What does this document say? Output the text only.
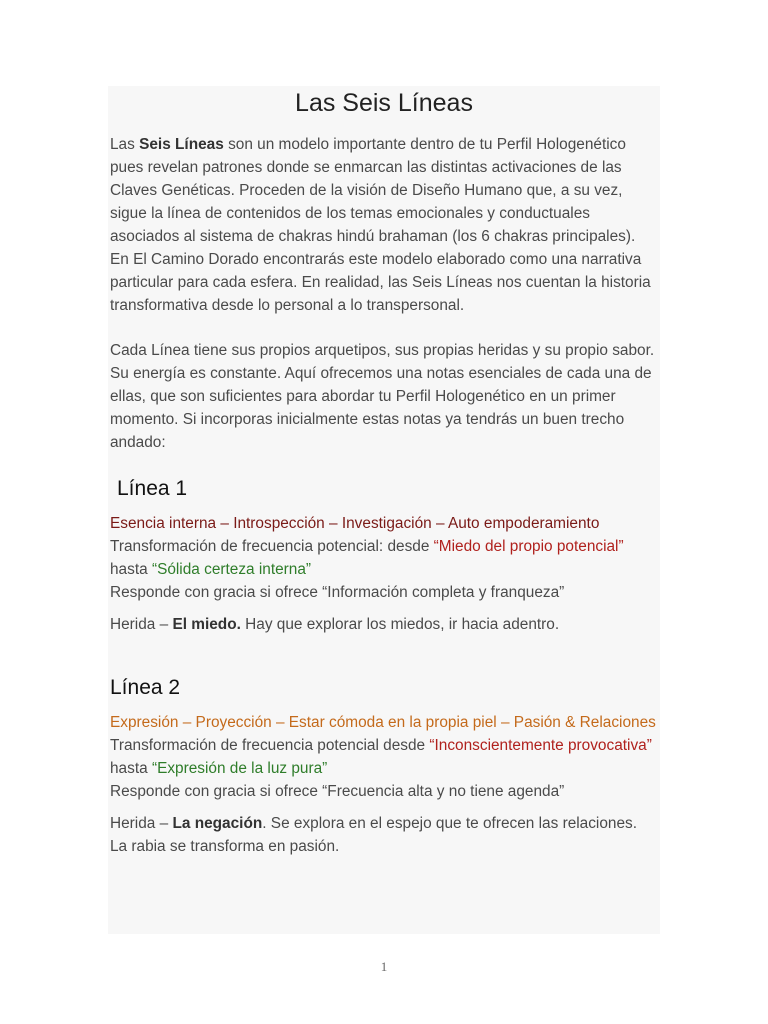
Las Seis Líneas

Las Seis Líneas son un modelo importante dentro de tu Perfil Hologenético pues revelan patrones donde se enmarcan las distintas activaciones de las Claves Genéticas. Proceden de la visión de Diseño Humano que, a su vez, sigue la línea de contenidos de los temas emocionales y conductuales asociados al sistema de chakras hindú brahaman (los 6 chakras principales). En El Camino Dorado encontrarás este modelo elaborado como una narrativa particular para cada esfera. En realidad, las Seis Líneas nos cuentan la historia transformativa desde lo personal a lo transpersonal.

Cada Línea tiene sus propios arquetipos, sus propias heridas y su propio sabor. Su energía es constante. Aquí ofrecemos una notas esenciales de cada una de ellas, que son suficientes para abordar tu Perfil Hologenético en un primer momento. Si incorporas inicialmente estas notas ya tendrás un buen trecho andado:

Línea 1
Esencia interna – Introspección – Investigación – Auto empoderamiento
Transformación de frecuencia potencial: desde “Miedo del propio potencial” hasta “Sólida certeza interna”
Responde con gracia si ofrece “Información completa y franqueza”
Herida – El miedo. Hay que explorar los miedos, ir hacia adentro.
Línea 2
Expresión – Proyección – Estar cómoda en la propia piel – Pasión & Relaciones
Transformación de frecuencia potencial desde “Inconscientemente provocativa” hasta “Expresión de la luz pura”
Responde con gracia si ofrece “Frecuencia alta y no tiene agenda”
Herida – La negación. Se explora en el espejo que te ofrecen las relaciones. La rabia se transforma en pasión.
1
